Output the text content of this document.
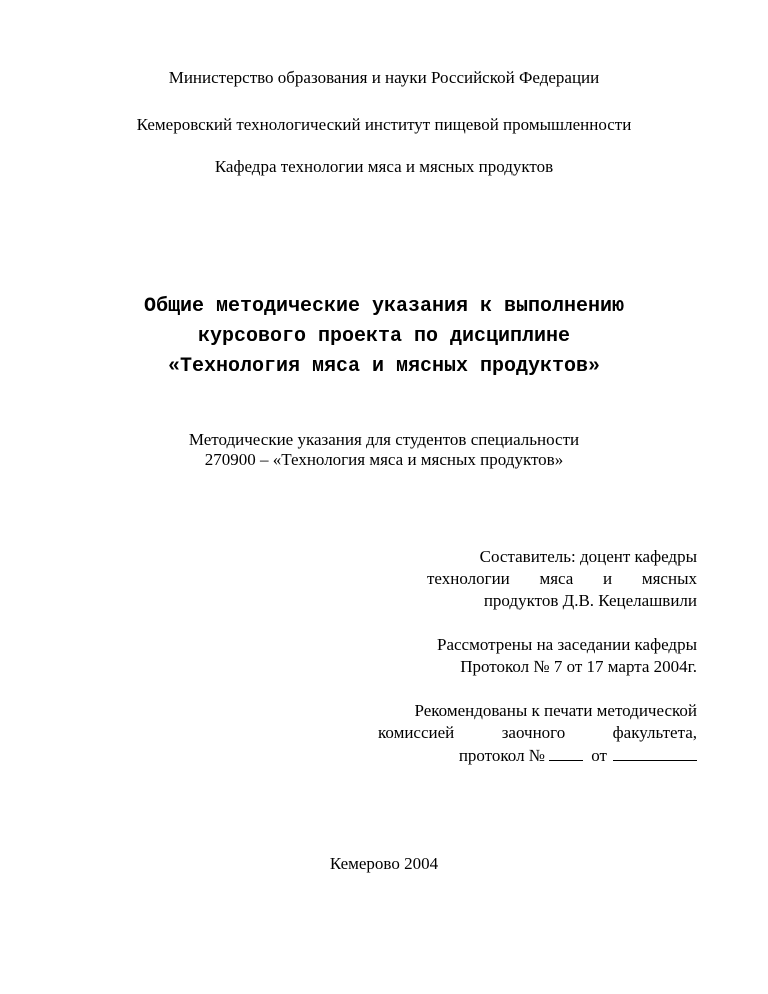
Министерство образования и науки Российской Федерации
Кемеровский технологический институт пищевой промышленности
Кафедра технологии мяса и мясных продуктов
Общие методические указания к выполнению
курсового проекта по дисциплине
«Технология мяса и мясных продуктов»
Методические указания для студентов специальности
270900 – «Технология мяса и мясных продуктов»
Составитель: доцент кафедры
технологии мяса и мясных
продуктов Д.В. Кецелашвили
Рассмотрены на заседании кафедры
Протокол № 7 от 17 марта 2004г.
Рекомендованы к печати методической
комиссией	заочного	факультета,
протокол №	от
Кемерово 2004
